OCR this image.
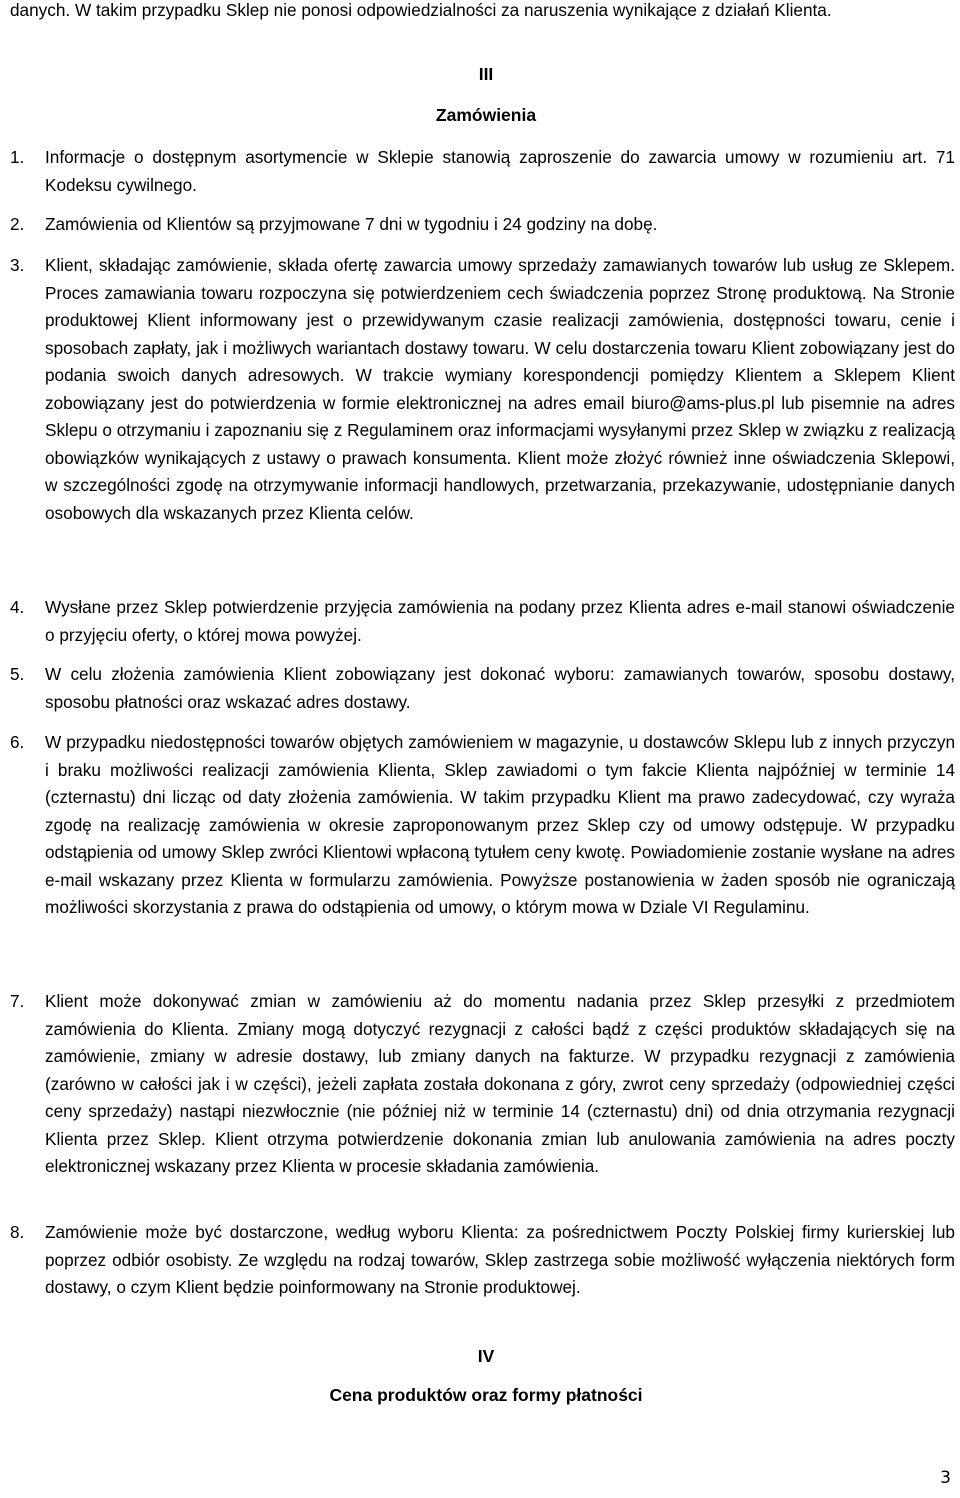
danych. W takim przypadku Sklep nie ponosi odpowiedzialności za naruszenia wynikające z działań Klienta.

III

Zamówienia

1.	Informacje o dostępnym asortymencie w Sklepie stanowią zaproszenie do zawarcia umowy w rozumieniu art. 71 Kodeksu cywilnego.

2.	Zamówienia od Klientów są przyjmowane 7 dni w tygodniu i 24 godziny na dobę.

3.	Klient, składając zamówienie, składa ofertę zawarcia umowy sprzedaży zamawianych towarów lub usług ze Sklepem. Proces zamawiania towaru rozpoczyna się potwierdzeniem cech świadczenia poprzez Stronę produktową. Na Stronie produktowej Klient informowany jest o przewidywanym czasie realizacji zamówienia, dostępności towaru, cenie i sposobach zapłaty, jak i możliwych wariantach dostawy towaru. W celu dostarczenia towaru Klient zobowiązany jest do podania swoich danych adresowych. W trakcie wymiany korespondencji pomiędzy Klientem a Sklepem Klient zobowiązany jest do potwierdzenia w formie elektronicznej na adres email biuro@ams-plus.pl lub pisemnie na adres Sklepu o otrzymaniu i zapoznaniu się z Regulaminem oraz informacjami wysyłanymi przez Sklep w związku z realizacją obowiązków wynikających z ustawy o prawach konsumenta. Klient może złożyć również inne oświadczenia Sklepowi, w szczególności zgodę na otrzymywanie informacji handlowych, przetwarzania, przekazywanie, udostępnianie danych osobowych dla wskazanych przez Klienta celów.

4.	Wysłane przez Sklep potwierdzenie przyjęcia zamówienia na podany przez Klienta adres e-mail stanowi oświadczenie o przyjęciu oferty, o której mowa powyżej.

5.	W celu złożenia zamówienia Klient zobowiązany jest dokonać wyboru: zamawianych towarów, sposobu dostawy, sposobu płatności oraz wskazać adres dostawy.

6.	W przypadku niedostępności towarów objętych zamówieniem w magazynie, u dostawców Sklepu lub z innych przyczyn i braku możliwości realizacji zamówienia Klienta, Sklep zawiadomi o tym fakcie Klienta najpóźniej w terminie 14 (czternastu) dni licząc od daty złożenia zamówienia. W takim przypadku Klient ma prawo zadecydować, czy wyraża zgodę na realizację zamówienia w okresie zaproponowanym przez Sklep czy od umowy odstępuje. W przypadku odstąpienia od umowy Sklep zwróci Klientowi wpłaconą tytułem ceny kwotę. Powiadomienie zostanie wysłane na adres e-mail wskazany przez Klienta w formularzu zamówienia. Powyższe postanowienia w żaden sposób nie ograniczają możliwości skorzystania z prawa do odstąpienia od umowy, o którym mowa w Dziale VI Regulaminu.

7.	Klient może dokonywać zmian w zamówieniu aż do momentu nadania przez Sklep przesyłki z przedmiotem zamówienia do Klienta. Zmiany mogą dotyczyć rezygnacji z całości bądź z części produktów składających się na zamówienie, zmiany w adresie dostawy, lub zmiany danych na fakturze. W przypadku rezygnacji z zamówienia (zarówno w całości jak i w części), jeżeli zapłata została dokonana z góry, zwrot ceny sprzedaży (odpowiedniej części ceny sprzedaży) nastąpi niezwłocznie (nie później niż w terminie 14 (czternastu) dni) od dnia otrzymania rezygnacji Klienta przez Sklep. Klient otrzyma potwierdzenie dokonania zmian lub anulowania zamówienia na adres poczty elektronicznej wskazany przez Klienta w procesie składania zamówienia.

8.	Zamówienie może być dostarczone, według wyboru Klienta: za pośrednictwem Poczty Polskiej firmy kurierskiej lub poprzez odbiór osobisty. Ze względu na rodzaj towarów, Sklep zastrzega sobie możliwość wyłączenia niektórych form dostawy, o czym Klient będzie poinformowany na Stronie produktowej.

IV

Cena produktów oraz formy płatności

3
